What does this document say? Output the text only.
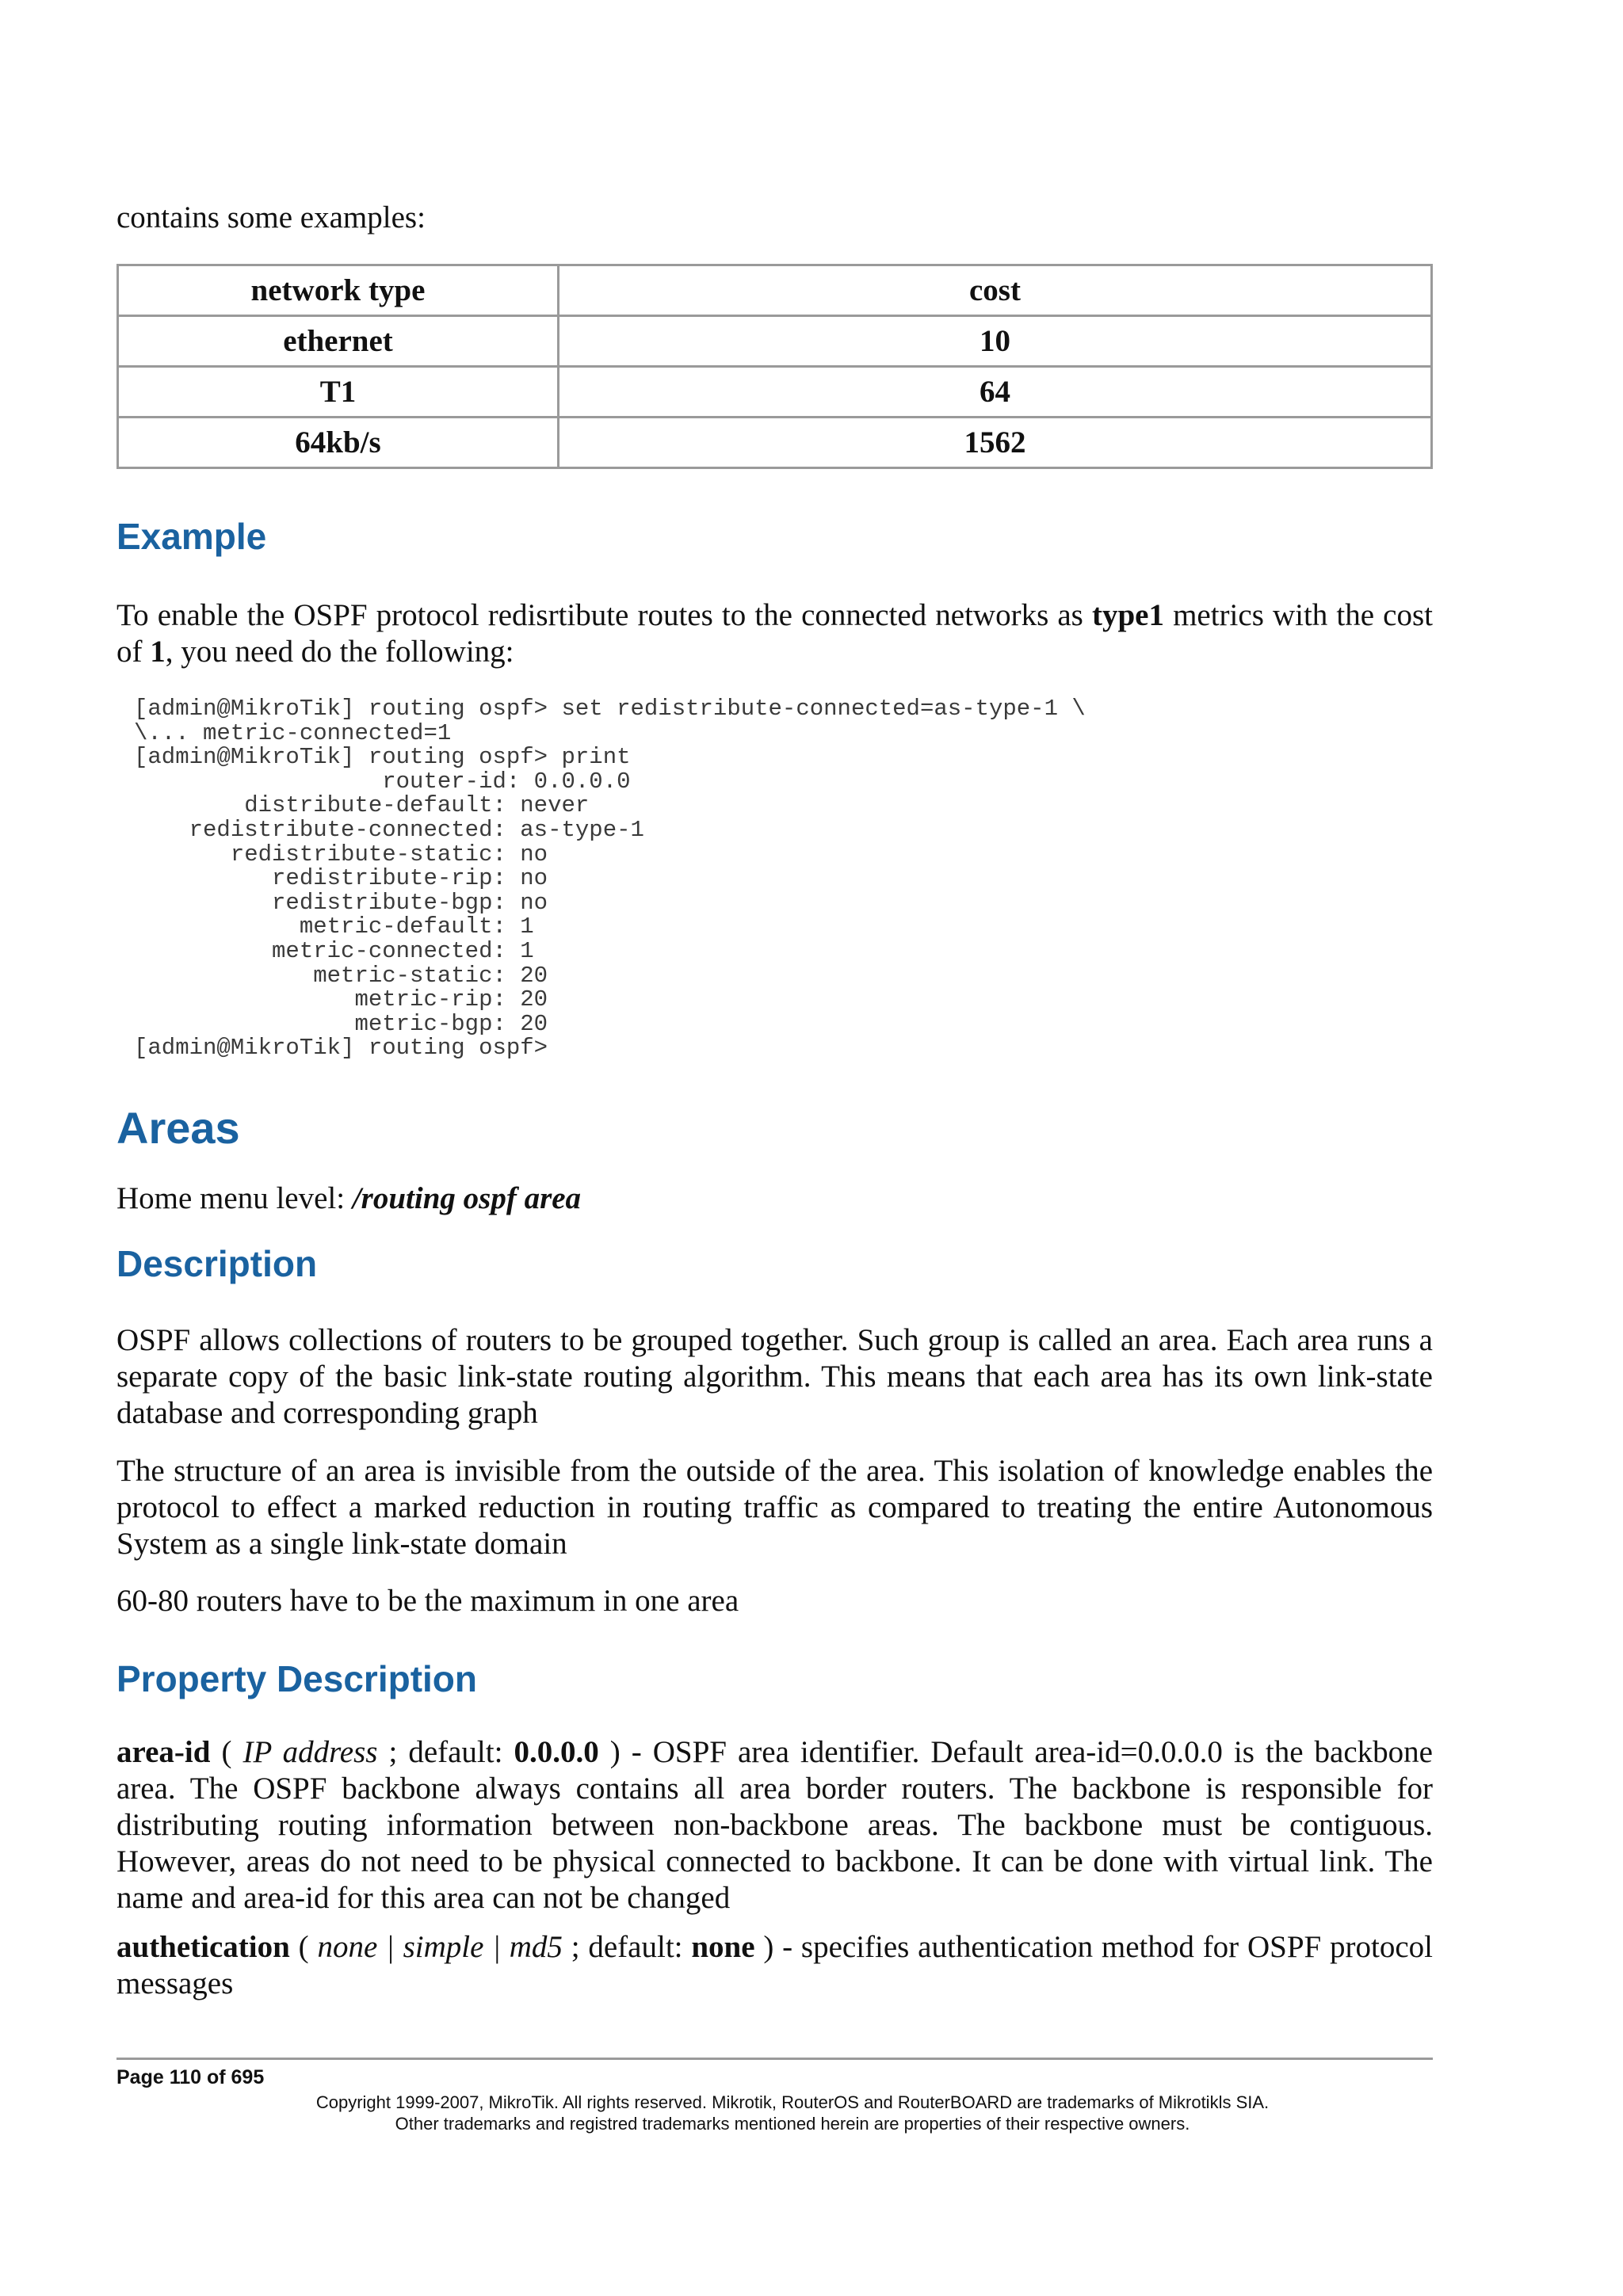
contains some examples:

network type	cost
ethernet	10
T1	64
64kb/s	1562
Example

To enable the OSPF protocol redisrtibute routes to the connected networks as type1 metrics with the cost of 1, you need do the following:

[admin@MikroTik] routing ospf> set redistribute-connected=as-type-1 \
\... metric-connected=1
[admin@MikroTik] routing ospf> print
router-id: 0.0.0.0
distribute-default: never
redistribute-connected: as-type-1
redistribute-static: no
redistribute-rip: no
redistribute-bgp: no
metric-default: 1
metric-connected: 1
metric-static: 20
metric-rip: 20
metric-bgp: 20
[admin@MikroTik] routing ospf>
Areas

Home menu level: /routing ospf area

Description

OSPF allows collections of routers to be grouped together. Such group is called an area. Each area runs a separate copy of the basic link-state routing algorithm. This means that each area has its own link-state database and corresponding graph

The structure of an area is invisible from the outside of the area. This isolation of knowledge enables the protocol to effect a marked reduction in routing traffic as compared to treating the entire Autonomous System as a single link-state domain

60-80 routers have to be the maximum in one area

Property Description

area-id ( IP address ; default: 0.0.0.0 ) - OSPF area identifier. Default area-id=0.0.0.0 is the backbone area. The OSPF backbone always contains all area border routers. The backbone is responsible for distributing routing information between non-backbone areas. The backbone must be contiguous. However, areas do not need to be physical connected to backbone. It can be done with virtual link. The name and area-id for this area can not be changed

authetication ( none | simple | md5 ; default: none ) - specifies authentication method for OSPF protocol messages

Page 110 of 695
Copyright 1999-2007, MikroTik. All rights reserved. Mikrotik, RouterOS and RouterBOARD are trademarks of Mikrotikls SIA.
Other trademarks and registred trademarks mentioned herein are properties of their respective owners.
